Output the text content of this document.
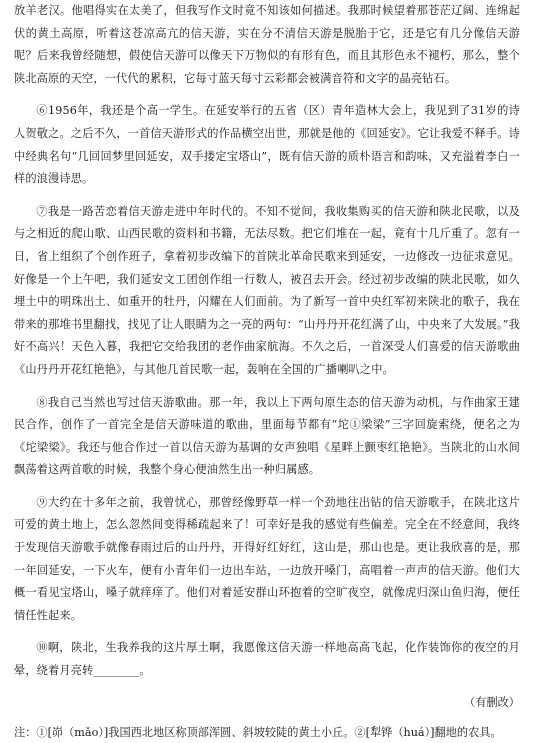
放羊老汉。他唱得实在太美了，但我写作文时竟不知该如何描述。我那时候望着那苍茫辽阔、连绵起伏的黄土高原，听着这苍凉高亢的信天游，实在分不清信天游是脱胎于它，还是它有几分像信天游呢？后来我曾经随想，假使信天游可以像天下万物似的有形有色，而且其形色永不褪朽，那么，整个陕北高原的天空，一代代的累积，它每寸蓝天每寸云彩都会被满音符和文字的晶亮钻石。

⑥1956年，我还是个高一学生。在延安举行的五省（区）青年造林大会上，我见到了31岁的诗人贺敬之。之后不久，一首信天游形式的作品横空出世，那就是他的《回延安》。它让我爱不释手。诗中经典名句“几回回梦里回延安，双手搂定宝塔山”，既有信天游的质朴语言和韵味，又充溢着李白一样的浪漫诗思。

⑦我是一路苦恋着信天游走进中年时代的。不知不觉间，我收集购买的信天游和陕北民歌，以及与之相近的爬山歌、山西民歌的资料和书籍，无法尽数。把它们堆在一起，竟有十几斤重了。忽有一日，省上组织了个创作班子，拿着初步改编下的首陕北革命民歌来到延安，一边修改一边征求意见。好像是一个上午吧，我们延安文工团创作组一行数人，被召去开会。经过初步改编的陕北民歌，如久埋土中的明珠出土、如重开的牡丹，闪耀在人们面前。为了新写一首中央红军初来陕北的歌子，我在带来的那堆书里翻找，找见了让人眼睛为之一亮的两句：“山丹丹开花红满了山，中央来了大发展。”我好不高兴！天色入暮，我把它交给我团的老作曲家航海。不久之后，一首深受人们喜爱的信天游歌曲《山丹丹开花红艳艳》，与其他几首民歌一起，轰响在全国的广播喇叭之中。

⑧我自己当然也写过信天游歌曲。那一年，我以上下两句原生态的信天游为动机，与作曲家王建民合作，创作了一首完全是信天游味道的歌曲，里面每节都有“坨①梁梁”三字回旋索绕，便名之为《坨梁梁》。我还与他合作过一首以信天游为基调的女声独唱《星畔上颤枣红艳艳》。当陕北的山水间飘荡着这两首歌的时候，我整个身心便油然生出一种归属感。

⑨大约在十多年之前，我曾忧心，那曾经像野草一样一个劲地往出钻的信天游歌手，在陕北这片可爱的黄土地上，怎么忽然间变得稀疏起来了！可幸好是我的感觉有些偏差。完全在不经意间，我终于发现信天游歌手就像春雨过后的山丹丹，开得好红好红，这山是，那山也是。更让我欣喜的是，那一年回延安，一下火车，便有小青年们一边出车站，一边放开嗓门，高唱着一声声的信天游。他们大概一看见宝塔山，嗓子就痒痒了。他们对着延安群山环抱着的空旷夜空，就像虎归深山鱼归海，便任情任性起来。

⑩啊，陕北，生我养我的这片厚土啊，我愿像这信天游一样地高高飞起，化作装饰你的夜空的月晕，绕着月亮转________。

（有删改）

注：①[峁（mǎo）]我国西北地区称顶部浑圆、斜坡较陡的黄土小丘。②[犁铧（huá）]翻地的农具。
